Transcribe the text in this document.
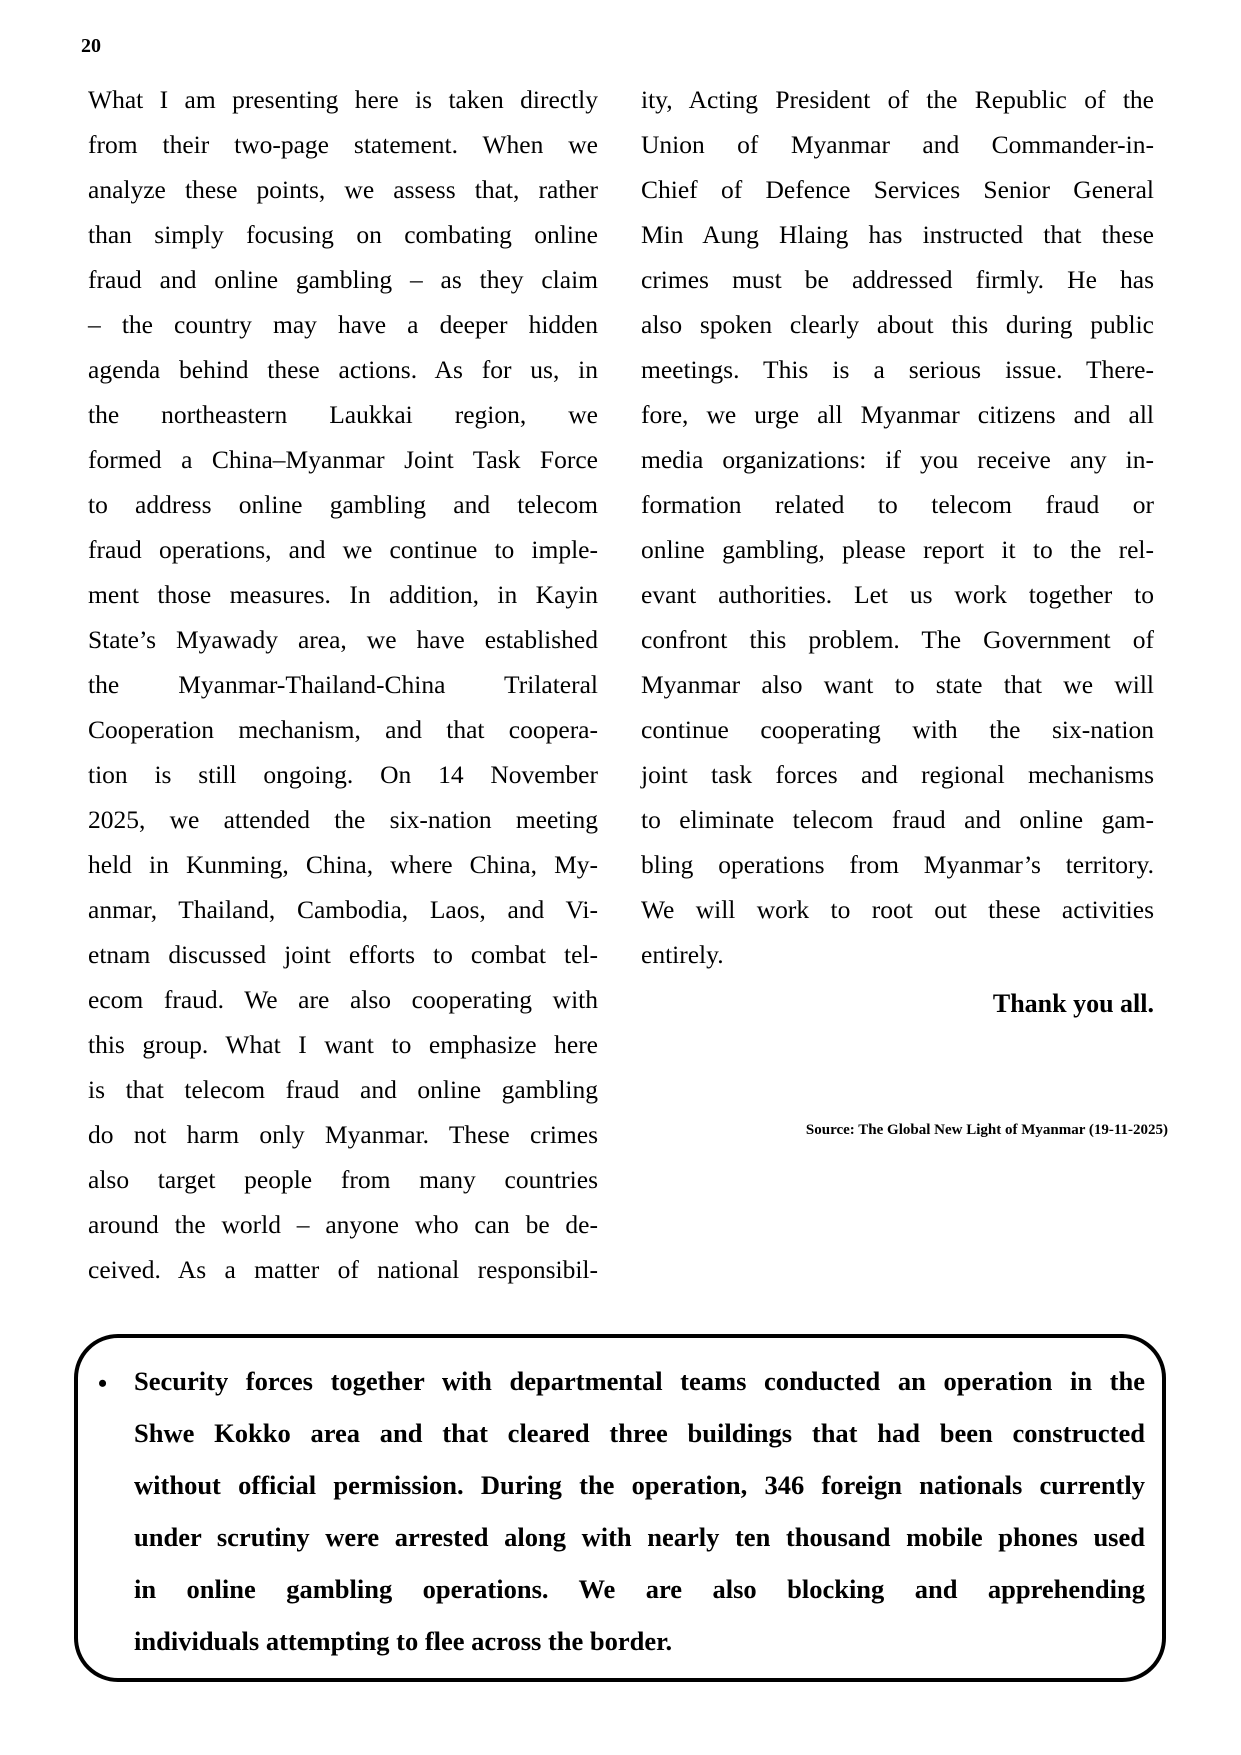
20
What I am presenting here is taken directly
from their two-page statement. When we
analyze these points, we assess that, rather
than simply focusing on combating online
fraud and online gambling – as they claim
– the country may have a deeper hidden
agenda behind these actions. As for us, in
the northeastern Laukkai region, we
formed a China–Myanmar Joint Task Force
to address online gambling and telecom
fraud operations, and we continue to imple-
ment those measures. In addition, in Kayin
State’s Myawady area, we have established
the Myanmar-Thailand-China Trilateral
Cooperation mechanism, and that coopera-
tion is still ongoing. On 14 November
2025, we attended the six-nation meeting
held in Kunming, China, where China, My-
anmar, Thailand, Cambodia, Laos, and Vi-
etnam discussed joint efforts to combat tel-
ecom fraud. We are also cooperating with
this group. What I want to emphasize here
is that telecom fraud and online gambling
do not harm only Myanmar. These crimes
also target people from many countries
around the world – anyone who can be de-
ceived. As a matter of national responsibil-
ity, Acting President of the Republic of the
Union of Myanmar and Commander-in-
Chief of Defence Services Senior General
Min Aung Hlaing has instructed that these
crimes must be addressed firmly. He has
also spoken clearly about this during public
meetings. This is a serious issue. There-
fore, we urge all Myanmar citizens and all
media organizations: if you receive any in-
formation related to telecom fraud or
online gambling, please report it to the rel-
evant authorities. Let us work together to
confront this problem. The Government of
Myanmar also want to state that we will
continue cooperating with the six-nation
joint task forces and regional mechanisms
to eliminate telecom fraud and online gam-
bling operations from Myanmar’s territory.
We will work to root out these activities
entirely.
Thank you all.
Source: The Global New Light of Myanmar (19-11-2025)
• Security forces together with departmental teams conducted an operation in the
Shwe Kokko area and that cleared three buildings that had been constructed
without official permission. During the operation, 346 foreign nationals currently
under scrutiny were arrested along with nearly ten thousand mobile phones used
in online gambling operations. We are also blocking and apprehending
individuals attempting to flee across the border.
